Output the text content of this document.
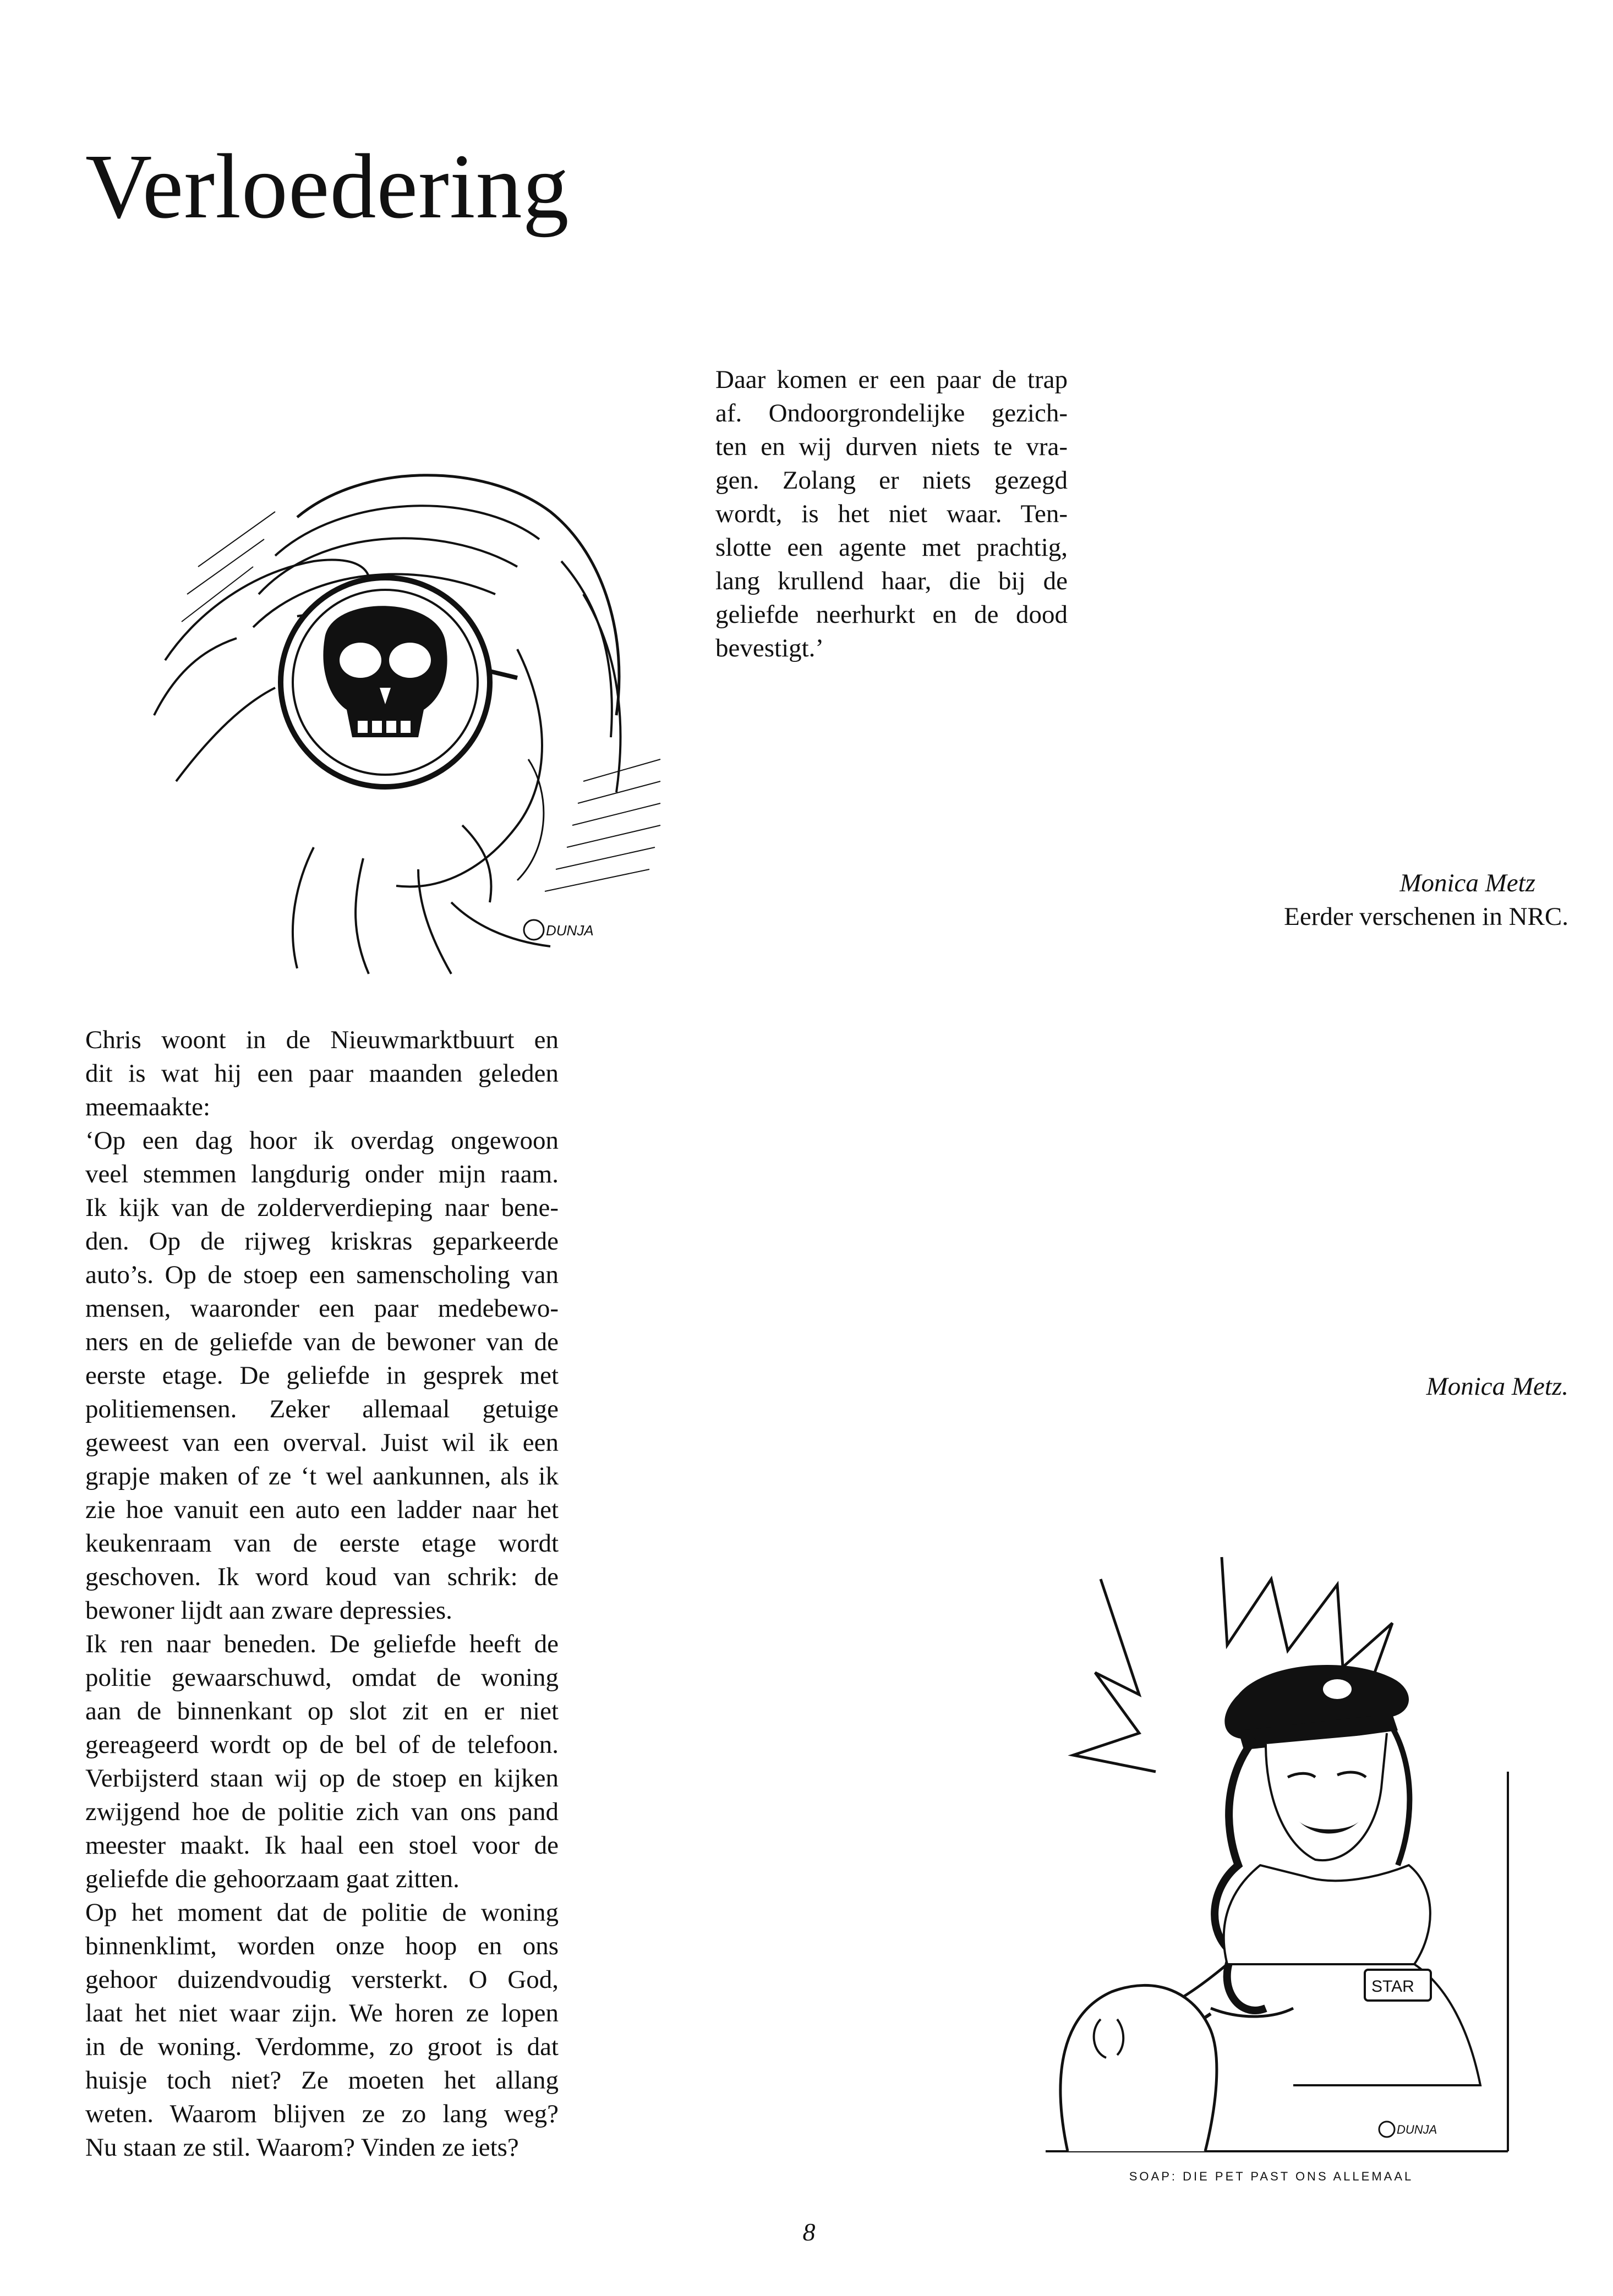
Verloedering
DUNJA
Chris woont in de Nieuwmarktbuurt en
dit is wat hij een paar maanden geleden
meemaakte:
‘Op een dag hoor ik overdag ongewoon
veel stemmen langdurig onder mijn raam.
Ik kijk van de zolderverdieping naar bene-
den. Op de rijweg kriskras geparkeerde
auto’s. Op de stoep een samenscholing van
mensen, waaronder een paar medebewo-
ners en de geliefde van de bewoner van de
eerste etage. De geliefde in gesprek met
politiemensen. Zeker allemaal getuige
geweest van een overval. Juist wil ik een
grapje maken of ze ‘t wel aankunnen, als ik
zie hoe vanuit een auto een ladder naar het
keukenraam van de eerste etage wordt
geschoven. Ik word koud van schrik: de
bewoner lijdt aan zware depressies.
Ik ren naar beneden. De geliefde heeft de
politie gewaarschuwd, omdat de woning
aan de binnenkant op slot zit en er niet
gereageerd wordt op de bel of de telefoon.
Verbijsterd staan wij op de stoep en kijken
zwijgend hoe de politie zich van ons pand
meester maakt. Ik haal een stoel voor de
geliefde die gehoorzaam gaat zitten.
Op het moment dat de politie de woning
binnenklimt, worden onze hoop en ons
gehoor duizendvoudig versterkt. O God,
laat het niet waar zijn. We horen ze lopen
in de woning. Verdomme, zo groot is dat
huisje toch niet? Ze moeten het allang
weten. Waarom blijven ze zo lang weg?
Nu staan ze stil. Waarom? Vinden ze iets?
Daar komen er een paar de trap
af. Ondoorgrondelijke gezich-
ten en wij durven niets te vra-
gen. Zolang er niets gezegd
wordt, is het niet waar. Ten-
slotte een agente met prachtig,
lang krullend haar, die bij de
geliefde neerhurkt en de dood
bevestigt.’
Monica Metz
Eerder verschenen in NRC.
Monica Metz.
STAR
DUNJA
SOAP: DIE PET PAST ONS ALLEMAAL
8
